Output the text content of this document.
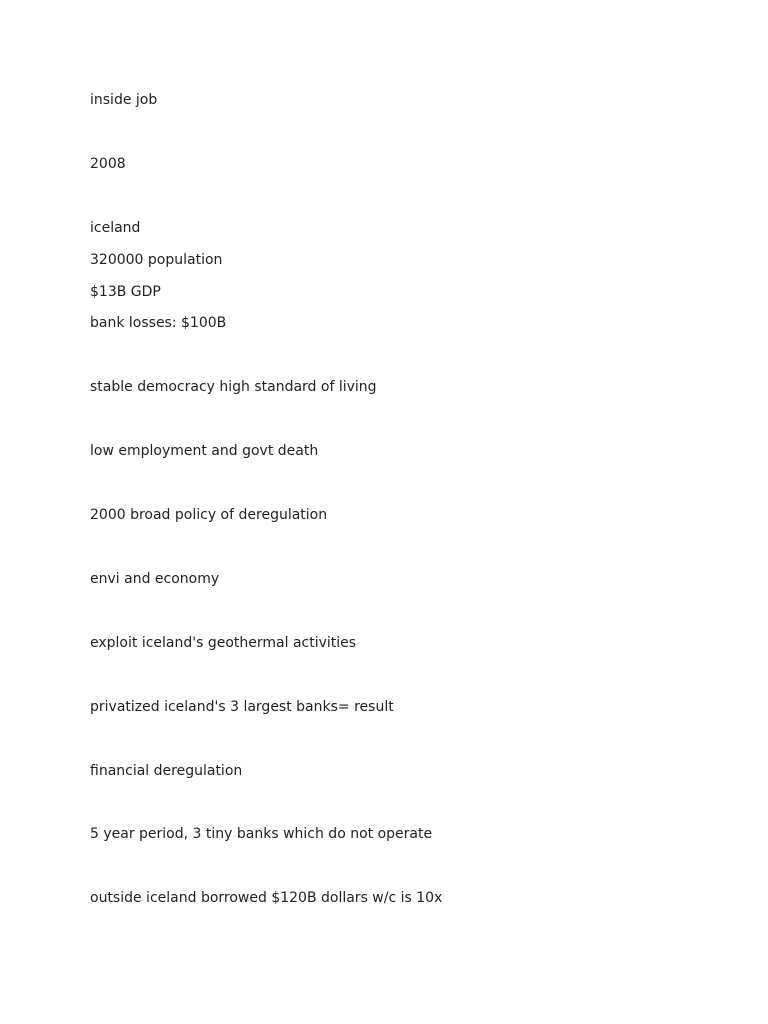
inside job

2008

iceland

320000 population

$13B GDP

bank losses: $100B

stable democracy high standard of living

low employment and govt death

2000 broad policy of deregulation

envi and economy

exploit iceland's geothermal activities

privatized iceland's 3 largest banks= result

financial deregulation

5 year period, 3 tiny banks which do not operate

outside iceland borrowed $120B dollars w/c is 10x
